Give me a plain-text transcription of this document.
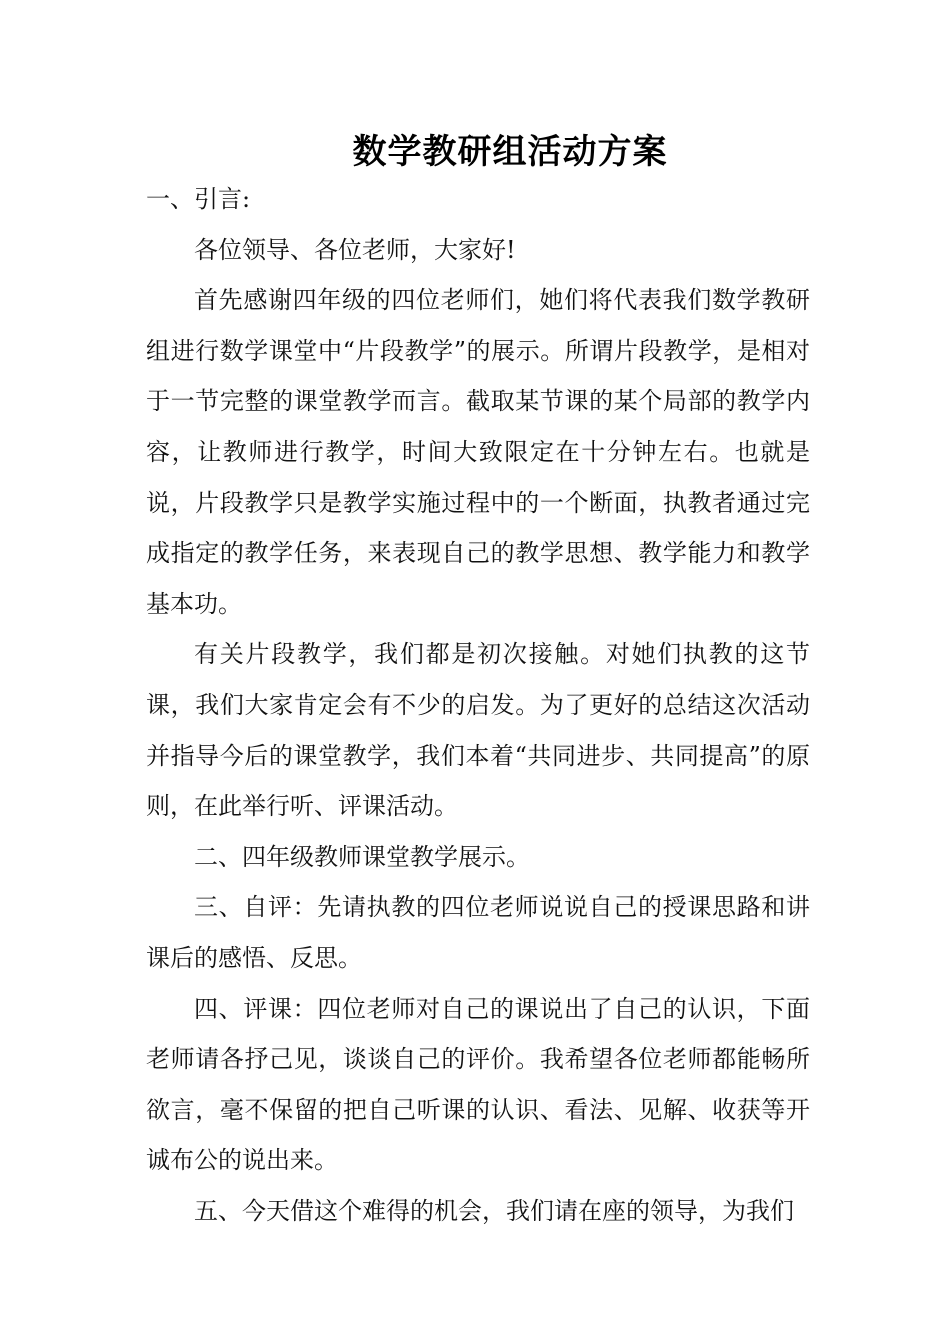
数学教研组活动方案

一、引言:

各位领导、各位老师，大家好!

首先感谢四年级的四位老师们，她们将代表我们数学教研组进行数学课堂中“片段教学”的展示。所谓片段教学，是相对于一节完整的课堂教学而言。截取某节课的某个局部的教学内容，让教师进行教学，时间大致限定在十分钟左右。也就是说，片段教学只是教学实施过程中的一个断面，执教者通过完成指定的教学任务，来表现自己的教学思想、教学能力和教学基本功。

有关片段教学，我们都是初次接触。对她们执教的这节课，我们大家肯定会有不少的启发。为了更好的总结这次活动并指导今后的课堂教学，我们本着“共同进步、共同提高”的原则，在此举行听、评课活动。

二、四年级教师课堂教学展示。

三、自评：先请执教的四位老师说说自己的授课思路和讲课后的感悟、反思。

四、评课：四位老师对自己的课说出了自己的认识，下面老师请各抒己见，谈谈自己的评价。我希望各位老师都能畅所欲言，毫不保留的把自己听课的认识、看法、见解、收获等开诚布公的说出来。

五、今天借这个难得的机会，我们请在座的领导，为我们
